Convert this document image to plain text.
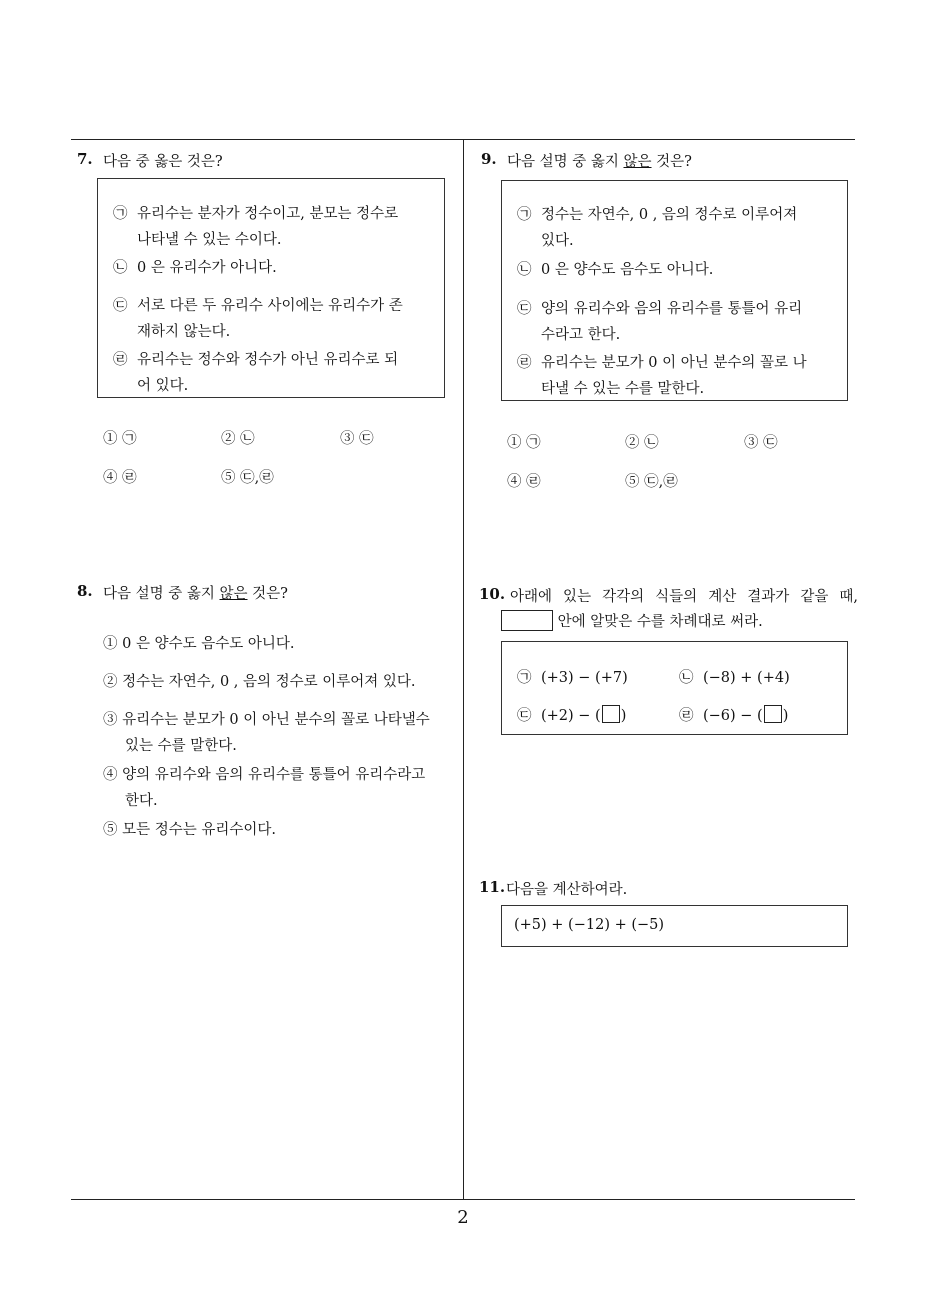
7. 다음 중 옳은 것은?
㉠ 유리수는 분자가 정수이고, 분모는 정수로
나타낼 수 있는 수이다.
㉡ 0 은 유리수가 아니다.
㉢ 서로 다른 두 유리수 사이에는 유리수가 존
재하지 않는다.
㉣ 유리수는 정수와 정수가 아닌 유리수로 되
어 있다.
① ㉠	② ㉡	③ ㉢
④ ㉣	⑤ ㉢,㉣
8. 다음 설명 중 옳지 않은 것은?
① 0 은 양수도 음수도 아니다.
② 정수는 자연수, 0 , 음의 정수로 이루어져 있다.
③ 유리수는 분모가 0 이 아닌 분수의 꼴로 나타낼수
있는 수를 말한다.
④ 양의 유리수와 음의 유리수를 통틀어 유리수라고
한다.
⑤ 모든 정수는 유리수이다.
9. 다음 설명 중 옳지 않은 것은?
㉠ 정수는 자연수, 0 , 음의 정수로 이루어져
있다.
㉡ 0 은 양수도 음수도 아니다.
㉢ 양의 유리수와 음의 유리수를 통틀어 유리
수라고 한다.
㉣ 유리수는 분모가 0 이 아닌 분수의 꼴로 나
타낼 수 있는 수를 말한다.
① ㉠	② ㉡	③ ㉢
④ ㉣	⑤ ㉢,㉣
10. 아래에 있는 각각의 식들의 계산 결과가 같을 때,
안에 알맞은 수를 차례대로 써라.
㉠ (+3) − (+7)	㉡ (−8) + (+4)
㉢ (+2) − ( )	㉣ (−6) − ( )
11. 다음을 계산하여라.
(+5) + (−12) + (−5)
2
